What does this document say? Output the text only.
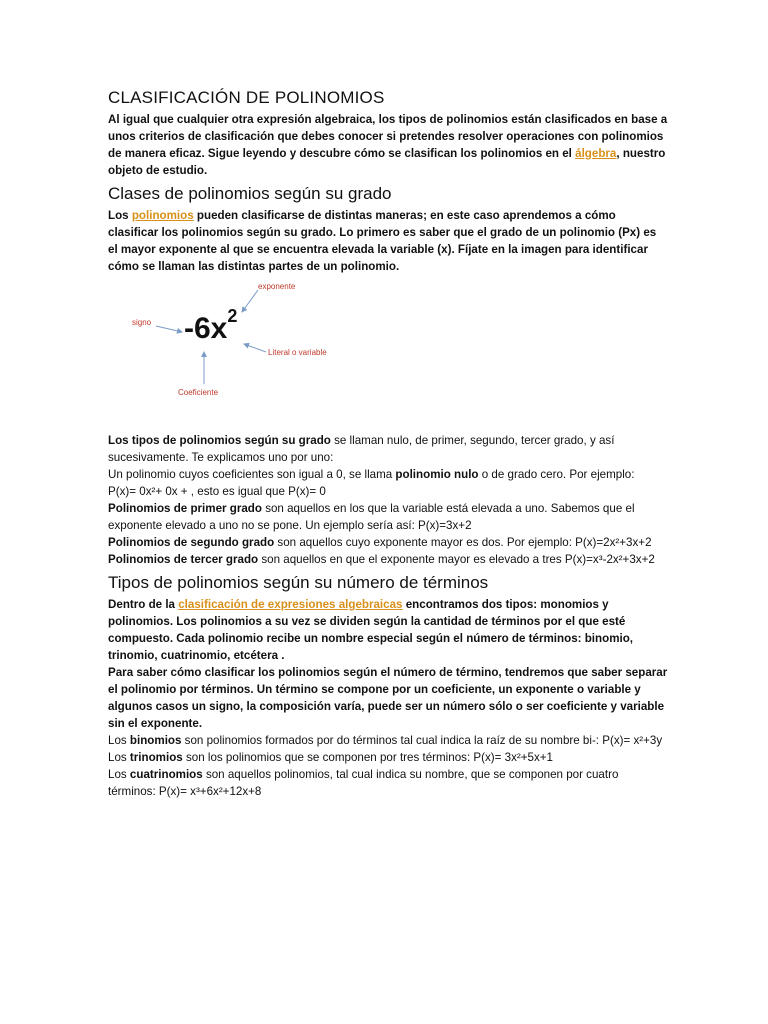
CLASIFICACIÓN DE POLINOMIOS

Al igual que cualquier otra expresión algebraica, los tipos de polinomios están clasificados en base a unos criterios de clasificación que debes conocer si pretendes resolver operaciones con polinomios de manera eficaz. Sigue leyendo y descubre cómo se clasifican los polinomios en el álgebra, nuestro objeto de estudio.

Clases de polinomios según su grado

Los polinomios pueden clasificarse de distintas maneras; en este caso aprendemos a cómo clasificar los polinomios según su grado. Lo primero es saber que el grado de un polinomio (Px) es el mayor exponente al que se encuentra elevada la variable (x). Fíjate en la imagen para identificar cómo se llaman las distintas partes de un polinomio.

$-6x^2$
exponente
signo
Literal o variable
Coeficiente

Los tipos de polinomios según su grado se llaman nulo, de primer, segundo, tercer grado, y así sucesivamente. Te explicamos uno por uno:

Un polinomio cuyos coeficientes son igual a 0, se llama polinomio nulo o de grado cero. Por ejemplo:

P(x)= 0x²+ 0x + , esto es igual que P(x)= 0

Polinomios de primer grado son aquellos en los que la variable está elevada a uno. Sabemos que el exponente elevado a uno no se pone. Un ejemplo sería así: P(x)=3x+2

Polinomios de segundo grado son aquellos cuyo exponente mayor es dos. Por ejemplo: P(x)=2x²+3x+2

Polinomios de tercer grado son aquellos en que el exponente mayor es elevado a tres P(x)=x³-2x²+3x+2

Tipos de polinomios según su número de términos

Dentro de la clasificación de expresiones algebraicas encontramos dos tipos: monomios y polinomios. Los polinomios a su vez se dividen según la cantidad de términos por el que esté compuesto. Cada polinomio recibe un nombre especial según el número de términos: binomio, trinomio, cuatrinomio, etcétera .

Para saber cómo clasificar los polinomios según el número de término, tendremos que saber separar el polinomio por términos. Un término se compone por un coeficiente, un exponente o variable y algunos casos un signo, la composición varía, puede ser un número sólo o ser coeficiente y variable sin el exponente.

Los binomios son polinomios formados por do términos tal cual indica la raíz de su nombre bi-: P(x)= x²+3y

Los trinomios son los polinomios que se componen por tres términos: P(x)= 3x²+5x+1

Los cuatrinomios son aquellos polinomios, tal cual indica su nombre, que se componen por cuatro términos: P(x)= x³+6x²+12x+8
